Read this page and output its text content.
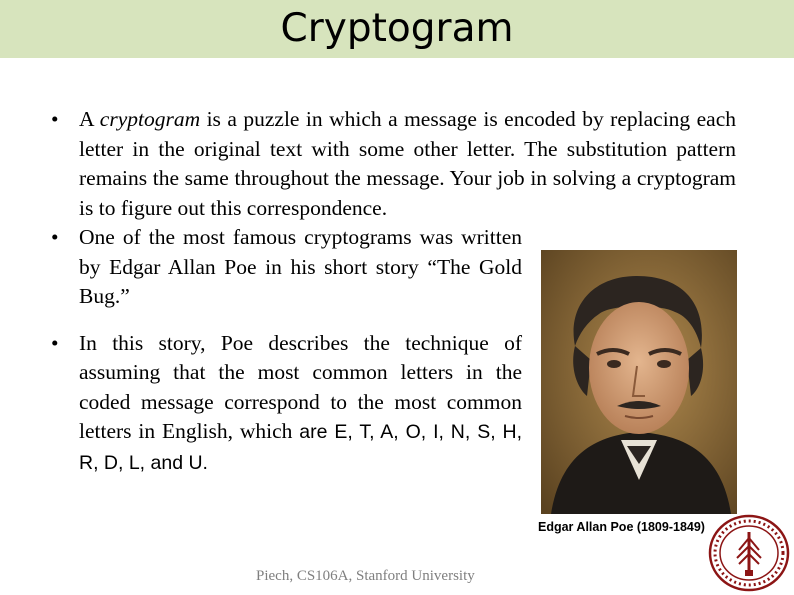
Cryptogram
• A cryptogram is a puzzle in which a message is encoded by replacing each letter in the original text with some other letter. The substitution pattern remains the same throughout the message. Your job in solving a cryptogram is to figure out this correspondence.
• One of the most famous cryptograms was written by Edgar Allan Poe in his short story “The Gold Bug.”
• In this story, Poe describes the technique of assuming that the most common letters in the coded message correspond to the most common letters in English, which are E, T, A, O, I, N, S, H, R, D, L, and U.
Edgar Allan Poe (1809-1849)
Piech, CS106A, Stanford University
